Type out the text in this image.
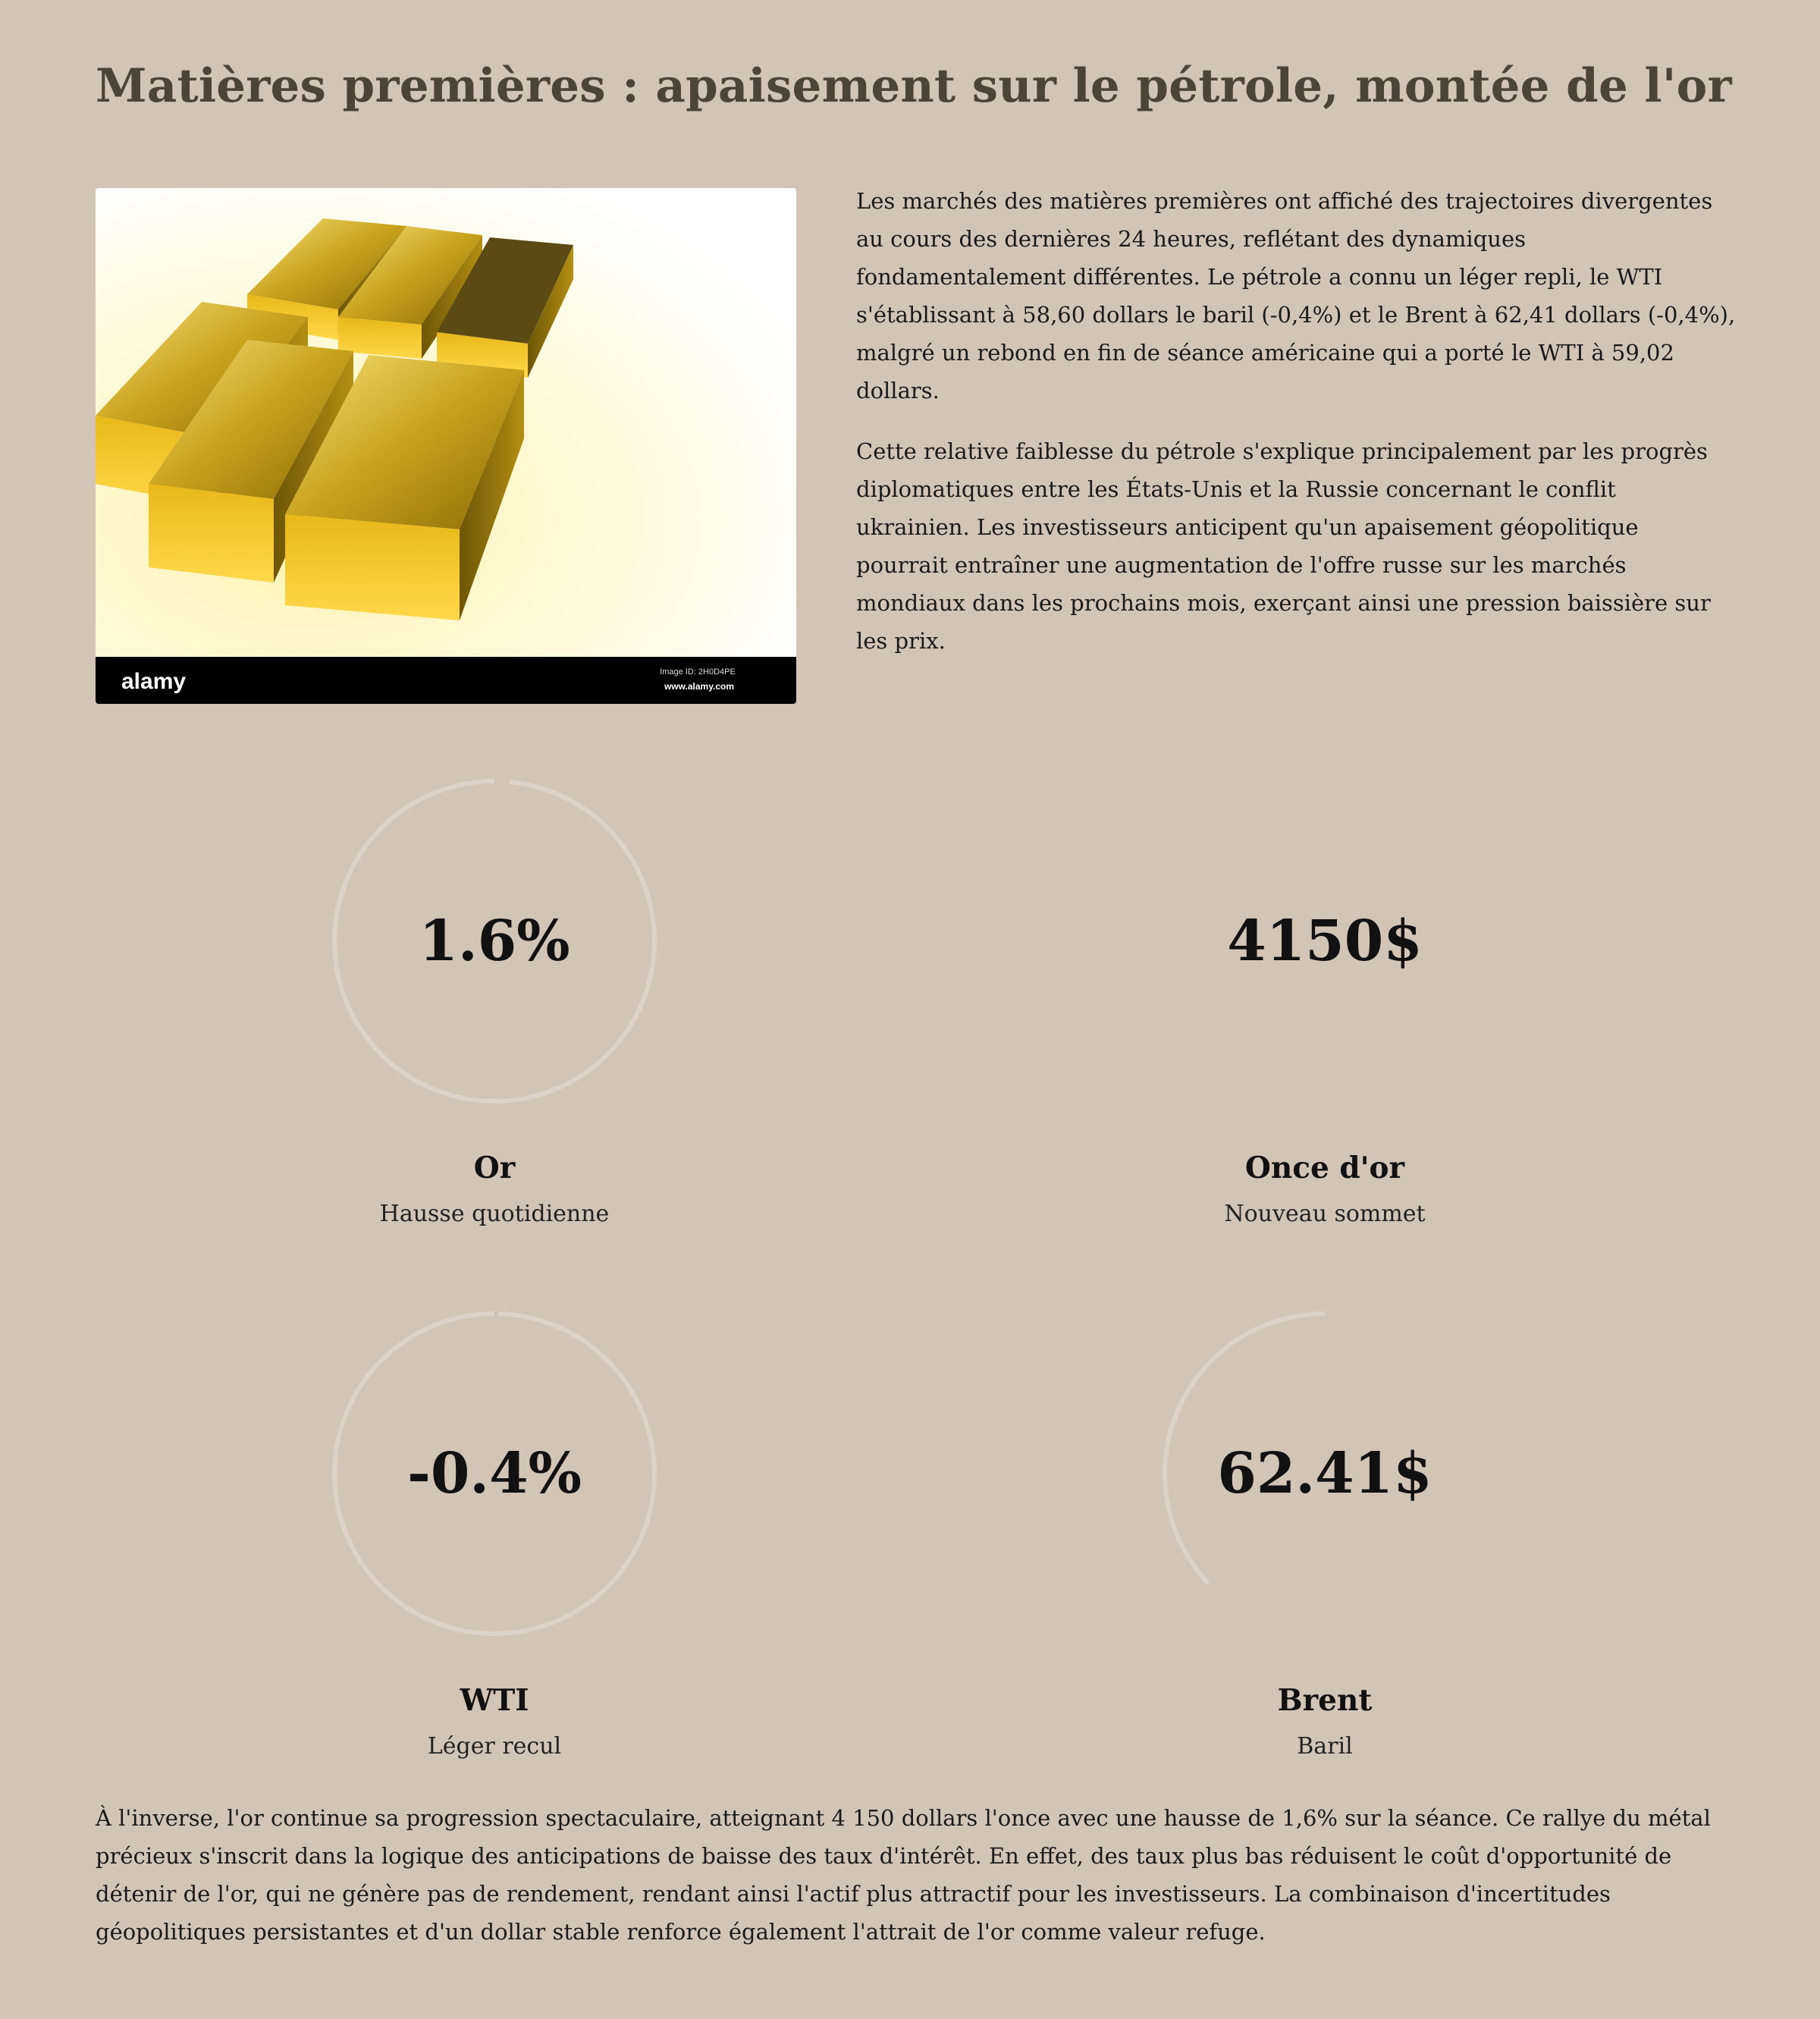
Matières premières : apaisement sur le pétrole, montée de l'or
alamy	Image ID: 2H0D4PE
www.alamy.com

Les marchés des matières premières ont affiché des trajectoires divergentes au cours des dernières 24 heures, reflétant des dynamiques fondamentalement différentes. Le pétrole a connu un léger repli, le WTI s'établissant à 58,60 dollars le baril (-0,4%) et le Brent à 62,41 dollars (-0,4%), malgré un rebond en fin de séance américaine qui a porté le WTI à 59,02 dollars.

Cette relative faiblesse du pétrole s'explique principalement par les progrès diplomatiques entre les États-Unis et la Russie concernant le conflit ukrainien. Les investisseurs anticipent qu'un apaisement géopolitique pourrait entraîner une augmentation de l'offre russe sur les marchés mondiaux dans les prochains mois, exerçant ainsi une pression baissière sur les prix.

1.6%
Or
Hausse quotidienne
4150$
Once d'or
Nouveau sommet
-0.4%
WTI
Léger recul
62.41$
Brent
Baril

À l'inverse, l'or continue sa progression spectaculaire, atteignant 4 150 dollars l'once avec une hausse de 1,6% sur la séance. Ce rallye du métal précieux s'inscrit dans la logique des anticipations de baisse des taux d'intérêt. En effet, des taux plus bas réduisent le coût d'opportunité de détenir de l'or, qui ne génère pas de rendement, rendant ainsi l'actif plus attractif pour les investisseurs. La combinaison d'incertitudes géopolitiques persistantes et d'un dollar stable renforce également l'attrait de l'or comme valeur refuge.
